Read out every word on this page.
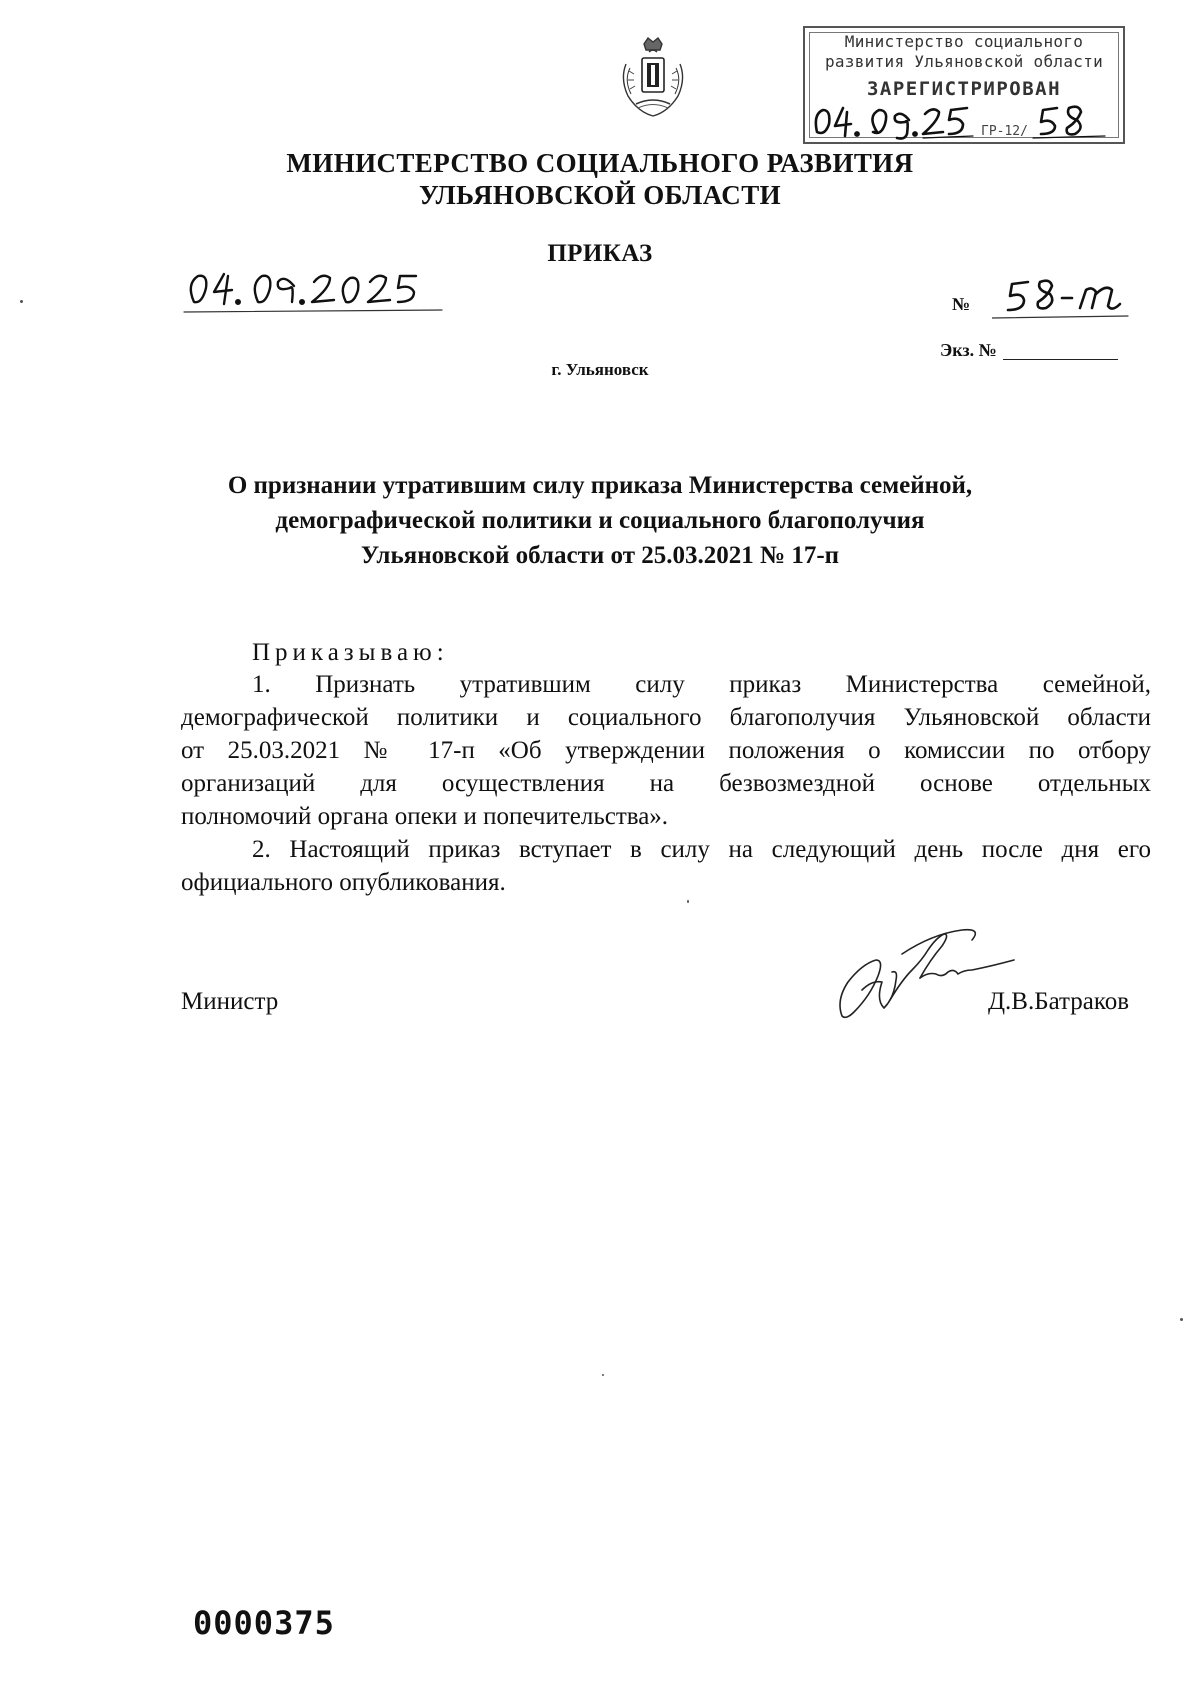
Министерство социального
развития Ульяновской области
ЗАРЕГИСТРИРОВАН
ГР-12/
МИНИСТЕРСТВО СОЦИАЛЬНОГО РАЗВИТИЯ
УЛЬЯНОВСКОЙ ОБЛАСТИ
ПРИКАЗ
№
Экз. №
г. Ульяновск
О признании утратившим силу приказа Министерства семейной,
демографической политики и социального благополучия
Ульяновской области от 25.03.2021 № 17-п
Приказываю:
1. Признать утратившим силу приказ Министерства семейной,
демографической политики и социального благополучия Ульяновской области
от 25.03.2021 № 17-п «Об утверждении положения о комиссии по отбору
организаций для осуществления на безвозмездной основе отдельных
полномочий органа опеки и попечительства».
2. Настоящий приказ вступает в силу на следующий день после дня его
официального опубликования.
Министр	Д.В.Батраков
0000375
